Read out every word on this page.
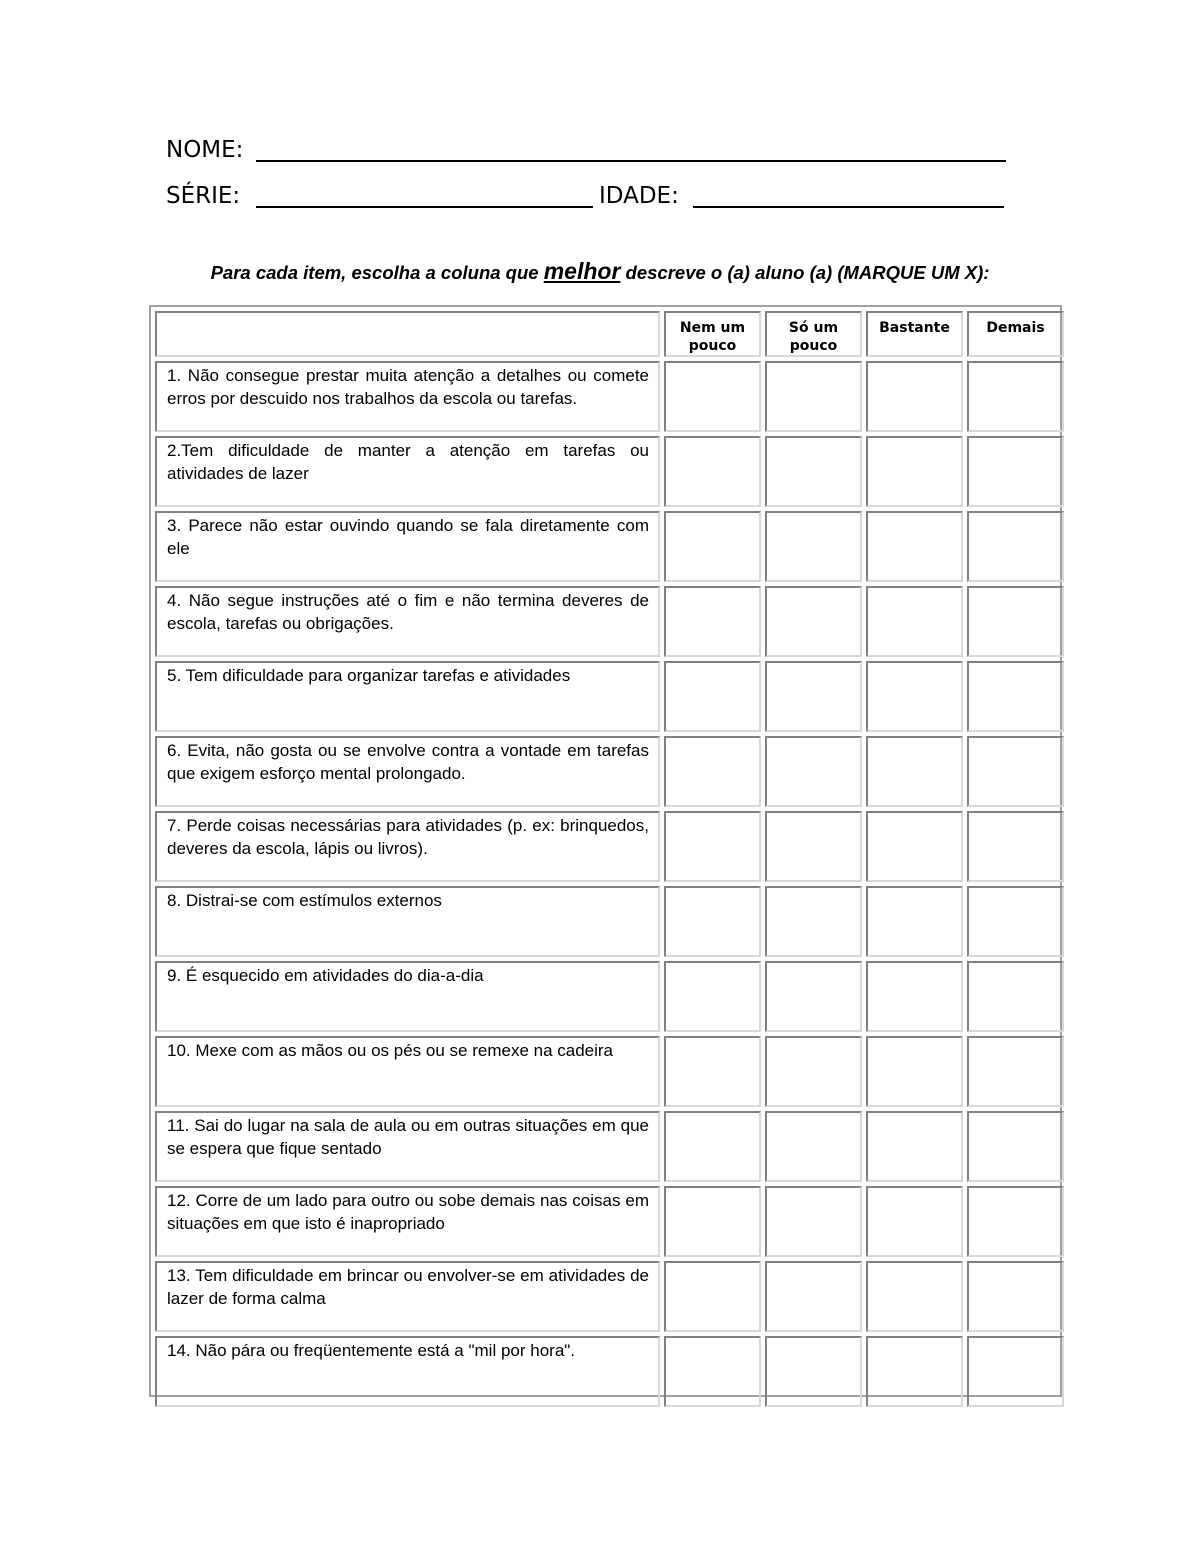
NOME:
SÉRIE:	IDADE:
Para cada item, escolha a coluna que melhor descreve o (a) aluno (a) (MARQUE UM X):
	Nem um pouco	Só um pouco	Bastante	Demais
1. Não consegue prestar muita atenção a detalhes ou comete erros por descuido nos trabalhos da escola ou tarefas.				
2.Tem dificuldade de manter a atenção em tarefas ou atividades de lazer				
3. Parece não estar ouvindo quando se fala diretamente com ele				
4. Não segue instruções até o fim e não termina deveres de escola, tarefas ou obrigações.				
5. Tem dificuldade para organizar tarefas e atividades				
6. Evita, não gosta ou se envolve contra a vontade em tarefas que exigem esforço mental prolongado.				
7. Perde coisas necessárias para atividades (p. ex: brinquedos, deveres da escola, lápis ou livros).				
8. Distrai-se com estímulos externos				
9. É esquecido em atividades do dia-a-dia				
10. Mexe com as mãos ou os pés ou se remexe na cadeira				
11. Sai do lugar na sala de aula ou em outras situações em que se espera que fique sentado				
12. Corre de um lado para outro ou sobe demais nas coisas em situações em que isto é inapropriado				
13. Tem dificuldade em brincar ou envolver-se em atividades de lazer de forma calma				
14. Não pára ou freqüentemente está a "mil por hora".				
